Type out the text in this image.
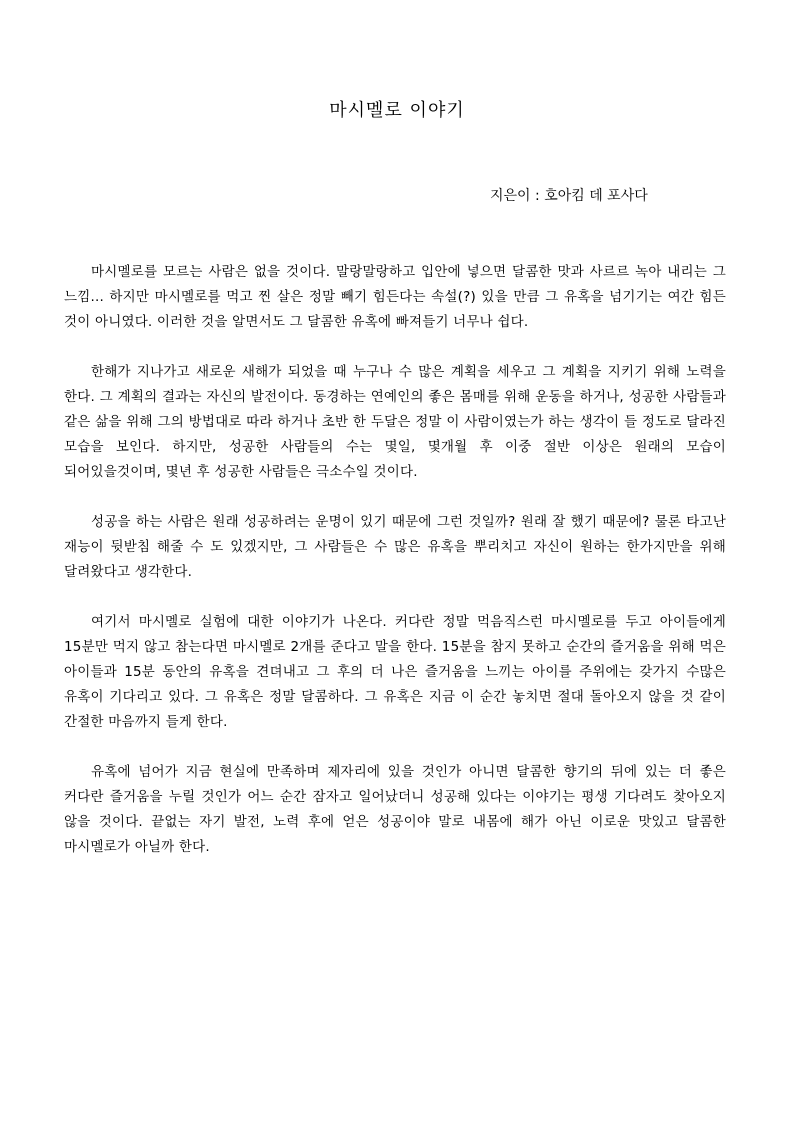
마시멜로 이야기
지은이 : 호아킴 데 포사다

마시멜로를 모르는 사람은 없을 것이다. 말랑말랑하고 입안에 넣으면 달콤한 맛과 사르르 녹아 내리는 그 느낌... 하지만 마시멜로를 먹고 찐 살은 정말 빼기 힘든다는 속설(?) 있을 만큼 그 유혹을 넘기기는 여간 힘든 것이 아니였다. 이러한 것을 알면서도 그 달콤한 유혹에 빠져들기 너무나 쉽다.

한해가 지나가고 새로운 새해가 되었을 때 누구나 수 많은 계획을 세우고 그 계획을 지키기 위해 노력을 한다. 그 계획의 결과는 자신의 발전이다. 동경하는 연예인의 좋은 몸매를 위해 운동을 하거나, 성공한 사람들과 같은 삶을 위해 그의 방법대로 따라 하거나 초반 한 두달은 정말 이 사람이였는가 하는 생각이 들 정도로 달라진 모습을 보인다. 하지만, 성공한 사람들의 수는 몇일, 몇개월 후 이중 절반 이상은 원래의 모습이 되어있을것이며, 몇년 후 성공한 사람들은 극소수일 것이다.

성공을 하는 사람은 원래 성공하려는 운명이 있기 때문에 그런 것일까? 원래 잘 했기 때문에? 물론 타고난 재능이 뒷받침 해줄 수 도 있겠지만, 그 사람들은 수 많은 유혹을 뿌리치고 자신이 원하는 한가지만을 위해 달려왔다고 생각한다.

여기서 마시멜로 실험에 대한 이야기가 나온다. 커다란 정말 먹음직스런 마시멜로를 두고 아이들에게 15분만 먹지 않고 참는다면 마시멜로 2개를 준다고 말을 한다. 15분을 참지 못하고 순간의 즐거움을 위해 먹은 아이들과 15분 동안의 유혹을 견뎌내고 그 후의 더 나은 즐거움을 느끼는 아이를 주위에는 갖가지 수많은 유혹이 기다리고 있다. 그 유혹은 정말 달콤하다. 그 유혹은 지금 이 순간 놓치면 절대 돌아오지 않을 것 같이 간절한 마음까지 들게 한다.

유혹에 넘어가 지금 현실에 만족하며 제자리에 있을 것인가 아니면 달콤한 향기의 뒤에 있는 더 좋은 커다란 즐거움을 누릴 것인가 어느 순간 잠자고 일어났더니 성공해 있다는 이야기는 평생 기다려도 찾아오지 않을 것이다. 끝없는 자기 발전, 노력 후에 얻은 성공이야 말로 내몸에 해가 아닌 이로운 맛있고 달콤한 마시멜로가 아닐까 한다.
